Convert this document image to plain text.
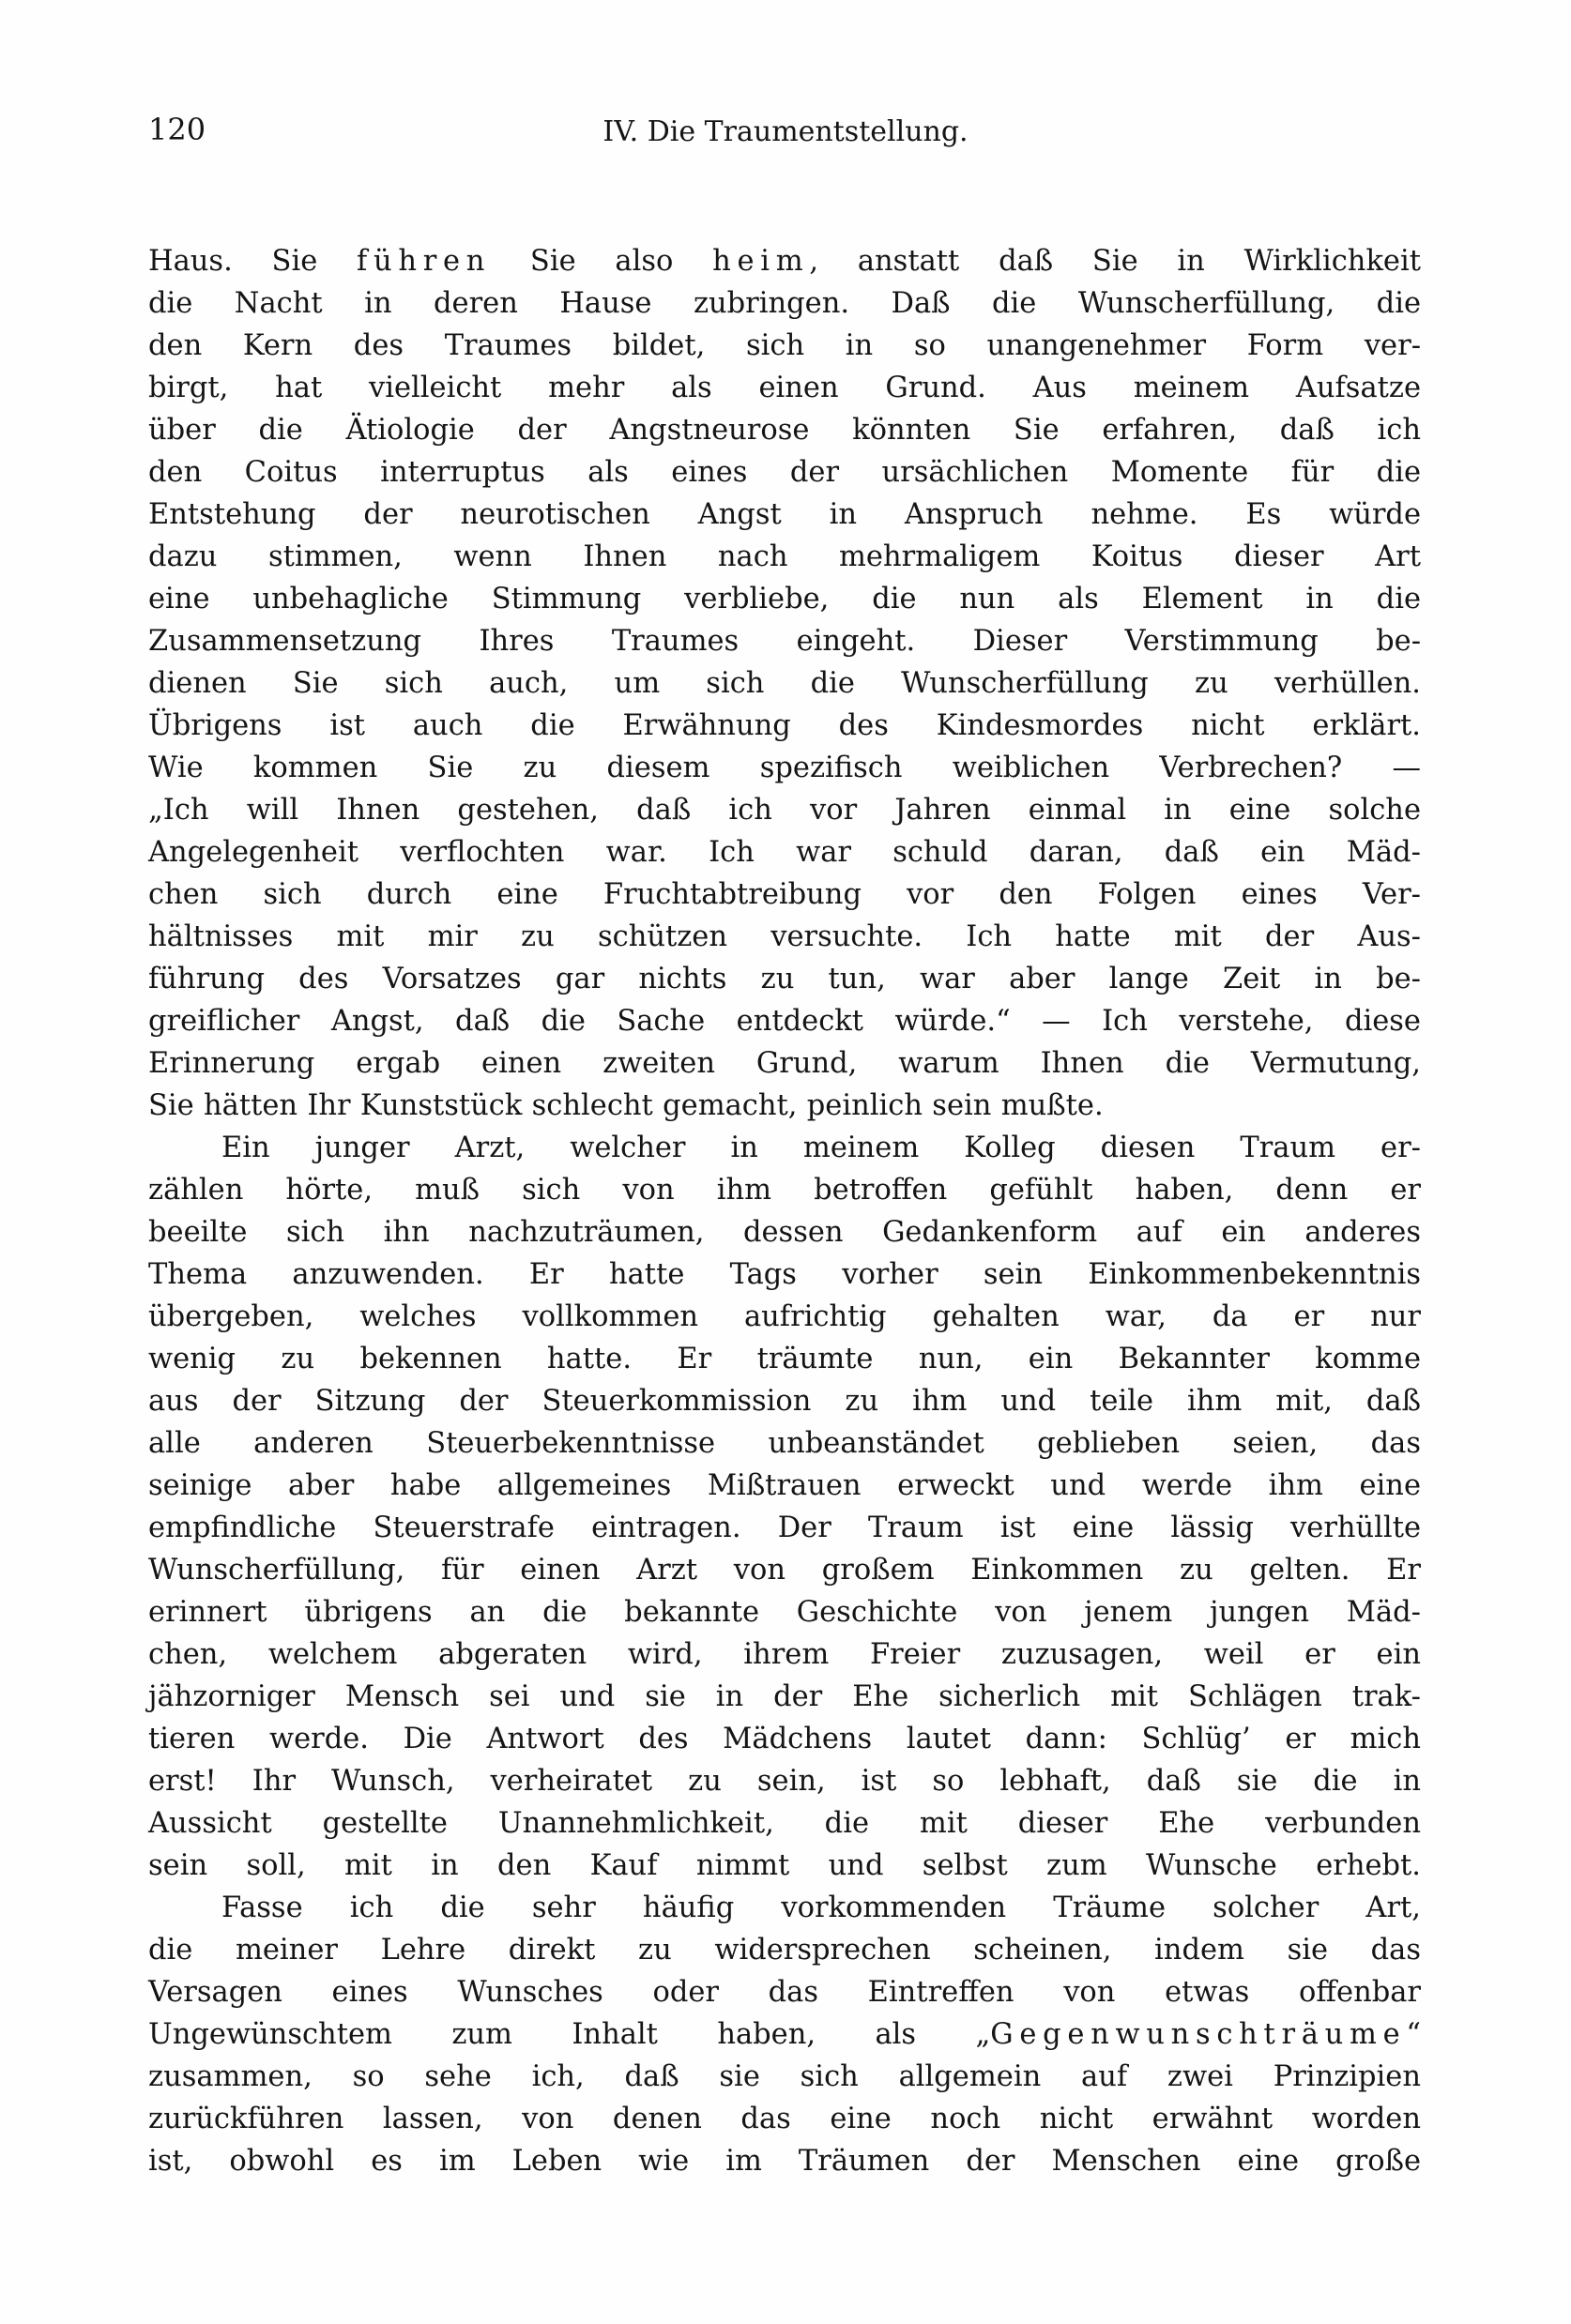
120	IV. Die Traumentstellung.
Haus. Sie führen Sie also heim, anstatt daß Sie in Wirklichkeit
die Nacht in deren Hause zubringen. Daß die Wunscherfüllung, die
den Kern des Traumes bildet, sich in so unangenehmer Form ver-
birgt, hat vielleicht mehr als einen Grund. Aus meinem Aufsatze
über die Ätiologie der Angstneurose könnten Sie erfahren, daß ich
den Coitus interruptus als eines der ursächlichen Momente für die
Entstehung der neurotischen Angst in Anspruch nehme. Es würde
dazu stimmen, wenn Ihnen nach mehrmaligem Koitus dieser Art
eine unbehagliche Stimmung verbliebe, die nun als Element in die
Zusammensetzung Ihres Traumes eingeht. Dieser Verstimmung be-
dienen Sie sich auch, um sich die Wunscherfüllung zu verhüllen.
Übrigens ist auch die Erwähnung des Kindesmordes nicht erklärt.
Wie kommen Sie zu diesem spezifisch weiblichen Verbrechen? —
„Ich will Ihnen gestehen, daß ich vor Jahren einmal in eine solche
Angelegenheit verflochten war. Ich war schuld daran, daß ein Mäd-
chen sich durch eine Fruchtabtreibung vor den Folgen eines Ver-
hältnisses mit mir zu schützen versuchte. Ich hatte mit der Aus-
führung des Vorsatzes gar nichts zu tun, war aber lange Zeit in be-
greiflicher Angst, daß die Sache entdeckt würde.“ — Ich verstehe, diese
Erinnerung ergab einen zweiten Grund, warum Ihnen die Vermutung,
Sie hätten Ihr Kunststück schlecht gemacht, peinlich sein mußte.
Ein junger Arzt, welcher in meinem Kolleg diesen Traum er-
zählen hörte, muß sich von ihm betroffen gefühlt haben, denn er
beeilte sich ihn nachzuträumen, dessen Gedankenform auf ein anderes
Thema anzuwenden. Er hatte Tags vorher sein Einkommenbekenntnis
übergeben, welches vollkommen aufrichtig gehalten war, da er nur
wenig zu bekennen hatte. Er träumte nun, ein Bekannter komme
aus der Sitzung der Steuerkommission zu ihm und teile ihm mit, daß
alle anderen Steuerbekenntnisse unbeanständet geblieben seien, das
seinige aber habe allgemeines Mißtrauen erweckt und werde ihm eine
empfindliche Steuerstrafe eintragen. Der Traum ist eine lässig verhüllte
Wunscherfüllung, für einen Arzt von großem Einkommen zu gelten. Er
erinnert übrigens an die bekannte Geschichte von jenem jungen Mäd-
chen, welchem abgeraten wird, ihrem Freier zuzusagen, weil er ein
jähzorniger Mensch sei und sie in der Ehe sicherlich mit Schlägen trak-
tieren werde. Die Antwort des Mädchens lautet dann: Schlüg’ er mich
erst! Ihr Wunsch, verheiratet zu sein, ist so lebhaft, daß sie die in
Aussicht gestellte Unannehmlichkeit, die mit dieser Ehe verbunden
sein soll, mit in den Kauf nimmt und selbst zum Wunsche erhebt.
Fasse ich die sehr häufig vorkommenden Träume solcher Art,
die meiner Lehre direkt zu widersprechen scheinen, indem sie das
Versagen eines Wunsches oder das Eintreffen von etwas offenbar
Ungewünschtem zum Inhalt haben, als „Gegenwunschträume“
zusammen, so sehe ich, daß sie sich allgemein auf zwei Prinzipien
zurückführen lassen, von denen das eine noch nicht erwähnt worden
ist, obwohl es im Leben wie im Träumen der Menschen eine große
